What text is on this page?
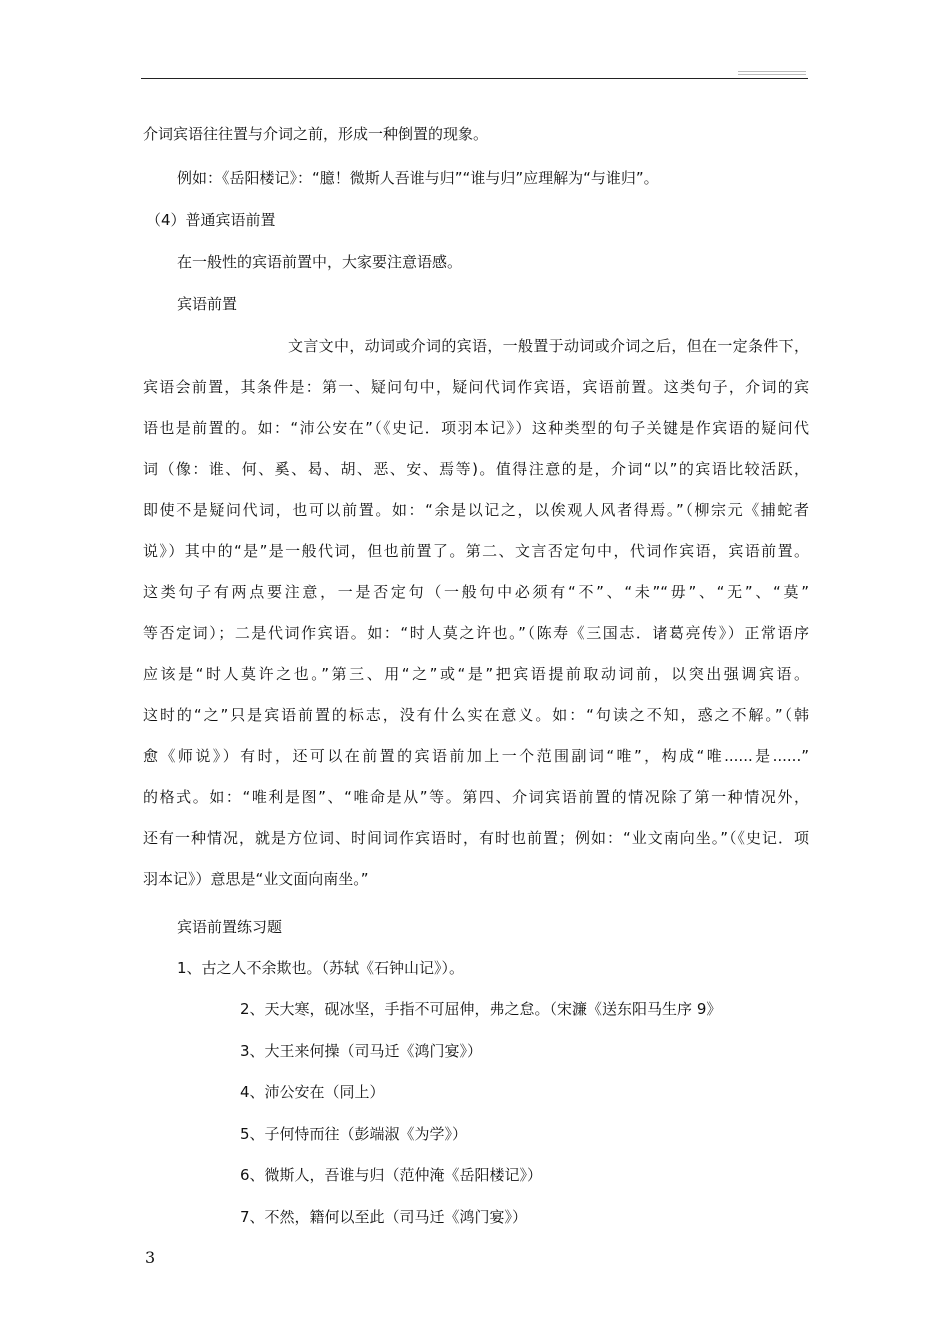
介词宾语往往置与介词之前，形成一种倒置的现象。
例如：《岳阳楼记》：“臆！微斯人吾谁与归”“谁与归”应理解为“与谁归”。
（4）普通宾语前置
在一般性的宾语前置中，大家要注意语感。
宾语前置
文言文中，动词或介词的宾语，一般置于动词或介词之后，但在一定条件下，
宾语会前置，其条件是：第一、疑问句中，疑问代词作宾语，宾语前置。这类句子，介词的宾
语也是前置的。如：“沛公安在”（《史记．项羽本记》）这种类型的句子关键是作宾语的疑问代
词（像：谁、何、奚、曷、胡、恶、安、焉等)。值得注意的是，介词“以”的宾语比较活跃，
即使不是疑问代词，也可以前置。如：“余是以记之，以俟观人风者得焉。”（柳宗元《捕蛇者
说》）其中的“是”是一般代词，但也前置了。第二、文言否定句中，代词作宾语，宾语前置。
这类句子有两点要注意，一是否定句（一般句中必须有“不”、“未”“毋”、“无”、“莫”
等否定词）；二是代词作宾语。如：“时人莫之许也。”（陈寿《三国志．诸葛亮传》）正常语序
应该是“时人莫许之也。”第三、用“之”或“是”把宾语提前取动词前，以突出强调宾语。
这时的“之”只是宾语前置的标志，没有什么实在意义。如：“句读之不知，惑之不解。”（韩
愈《师说》）有时，还可以在前置的宾语前加上一个范围副词“唯”，构成“唯......是......”
的格式。如：“唯利是图”、“唯命是从”等。第四、介词宾语前置的情况除了第一种情况外，
还有一种情况，就是方位词、时间词作宾语时，有时也前置；例如：“业文南向坐。”（《史记．项
羽本记》）意思是“业文面向南坐。”
宾语前置练习题
1、古之人不余欺也。（苏轼《石钟山记》）。
2、天大寒，砚冰坚，手指不可屈伸，弗之怠。（宋濂《送东阳马生序 9》
3、大王来何操（司马迁《鸿门宴》）
4、沛公安在（同上）
5、子何恃而往（彭端淑《为学》）
6、微斯人，吾谁与归（范仲淹《岳阳楼记》）
7、不然，籍何以至此（司马迁《鸿门宴》）
3
